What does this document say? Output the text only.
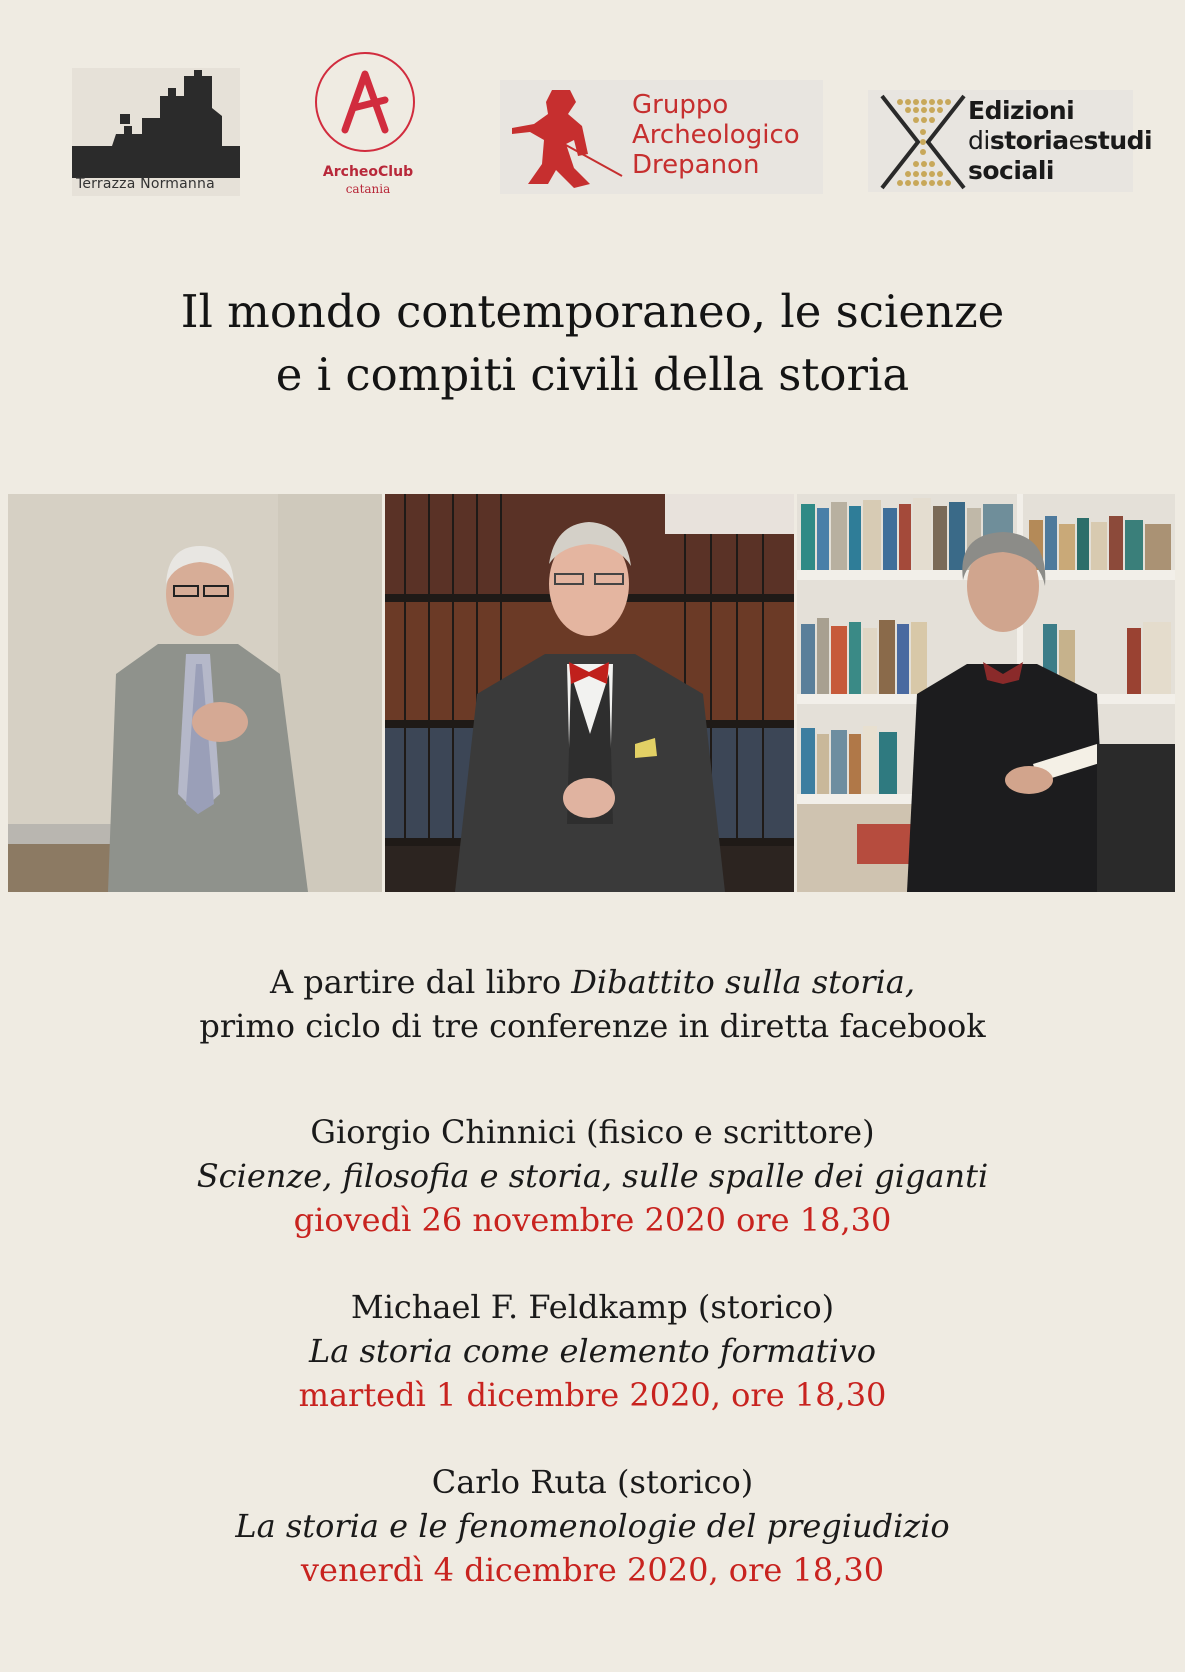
Terrazza Normanna
ArcheoClub
catania
Gruppo
Archeologico
Drepanon
Edizioni
distoriaestudi
sociali
Il mondo contemporaneo, le scienze
e i compiti civili della storia
A partire dal libro Dibattito sulla storia,
primo ciclo di tre conferenze in diretta facebook
Giorgio Chinnici (fisico e scrittore)
Scienze, filosofia e storia, sulle spalle dei giganti
giovedì 26 novembre 2020 ore 18,30
Michael F. Feldkamp (storico)
La storia come elemento formativo
martedì 1 dicembre 2020, ore 18,30
Carlo Ruta (storico)
La storia e le fenomenologie del pregiudizio
venerdì 4 dicembre 2020, ore 18,30
